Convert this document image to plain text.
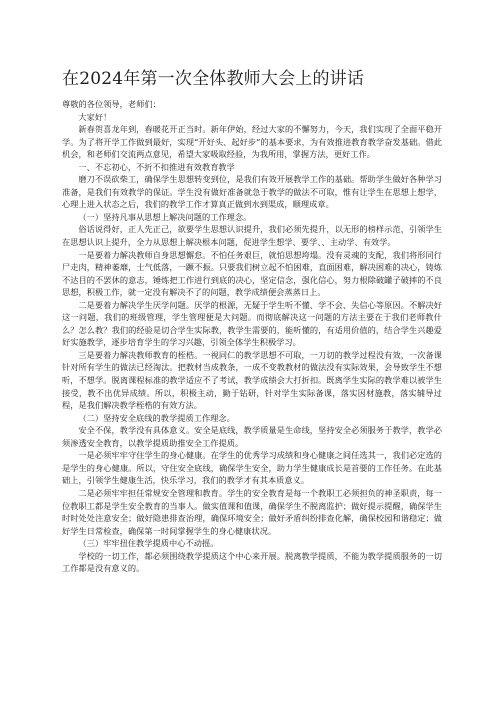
在2024年第一次全体教师大会上的讲话

尊敬的各位领导，老师们：

大家好！

新春贺喜龙年到，春暖花开正当时。新年伊始，经过大家的不懈努力，今天，我们实现了全面平稳开学。为了将开学工作做到最好，实现“开好头、起好步”的基本要求，为有效推进教育教学奋发基础。借此机会，和老师们交流两点意见，希望大家吸取经验，为我所用，掌握方法，更好工作。

一、不忘初心，不折不扣推进有效教育教学

磨刀不误砍柴工，确保学生思想转变到位，是我们有效开展教学工作的基础。帮助学生做好各种学习准备，是我们有效教学的保证。学生没有做好准备就急于教学的做法不可取，惟有让学生在思想上想学，心理上进入状态之后，我们的教学工作才算真正做到水到渠成，顺理成章。

（一）坚持凡事从思想上解决问题的工作理念。

俗话说得好，正人先正己，欲要学生思想认识提升，我们必须先提升，以无形的榜样示范，引领学生在思想认识上提升，全力从思想上解决根本问题，促进学生想学、要学、、主动学、有效学。

一是要着力解决教师自身思想懈怠。不怕任务艰巨，就怕思想垮塌。没有灵魂的支配，我们将形同行尸走肉，精神萎靡，士气低落，一蹶不振。只要我们树立起不怕困难，直面困难，解决困难的决心，铸炼不达目的不罢休的意志，锤炼把工作进行到底的决心，坚定信念，强化信心，努力根除破罐子破摔的不良思想，积极工作，就一定没有解决不了的问题，教学成绩便会蒸蒸日上。

二是要着力解决学生厌学问题。厌学的根源，无疑于学生听不懂、学不会、失信心等原因。不解决好这一问题，我们的班级管理，学生管理便是大问题。而彻底解决这一问题的方法主要在于我们老师教什么？怎么教？我们的经验是切合学生实际教，教学生需要的，能听懂的，有适用价值的，结合学生兴趣爱好实施教学，逐步培育学生的学习兴趣，引领全体学生积极学习。

三是要着力解决教师教育的桎梏。一视同仁的教学思想不可取，一刀切的教学过程没有效，一次备课针对所有学生的做法已经淘汰。把教材当成教条，一成不变教教材的做法没有实际效果，会导致学生不想听，不想学。脱离课程标准的教学适应不了考试，教学成绩会大打折扣。既离学生实际的教学难以被学生接受，教不出优异成绩。所以，积极主动，勤于钻研，针对学生实际备课，落实因材施教，落实辅导过程，是我们解决教学桎梏的有效方法。

（二）坚持安全底线的教学提质工作理念。

安全不保，教学没有具体意义。安全是底线，教学质量是生命线，坚持安全必须服务于教学，教学必须渗透安全教育，以教学提质助推安全工作提质。

一是必须牢牢守住学生的身心健康。在学生的优秀学习成绩和身心健康之间任选其一，我们必定选的是学生的身心健康。所以，守住安全底线，确保学生安全，助力学生健康成长是首要的工作任务。在此基础上，引领学生健康生活，快乐学习，我们的教学才有其本质意义。

二是必须牢牢担任常规安全管理和教育。学生的安全教育是每一个教职工必须担负的神圣职责，每一位教职工都是学生安全教育的当事人。做实值课和值课，确保学生不脱离监护；做好提示提醒，确保学生时时处处注意安全；做好隐患排查治理，确保环境安全；做好矛盾纠纷排查化解，确保校园和谐稳定；做好学生日常检查，确保第一时间掌握学生的身心健康状况。

（三）牢牢扭住教学提质中心不动摇。

学校的一切工作，都必须围绕教学提质这个中心来开展。脱离教学提质，不能为教学提质服务的一切工作都是没有意义的。
